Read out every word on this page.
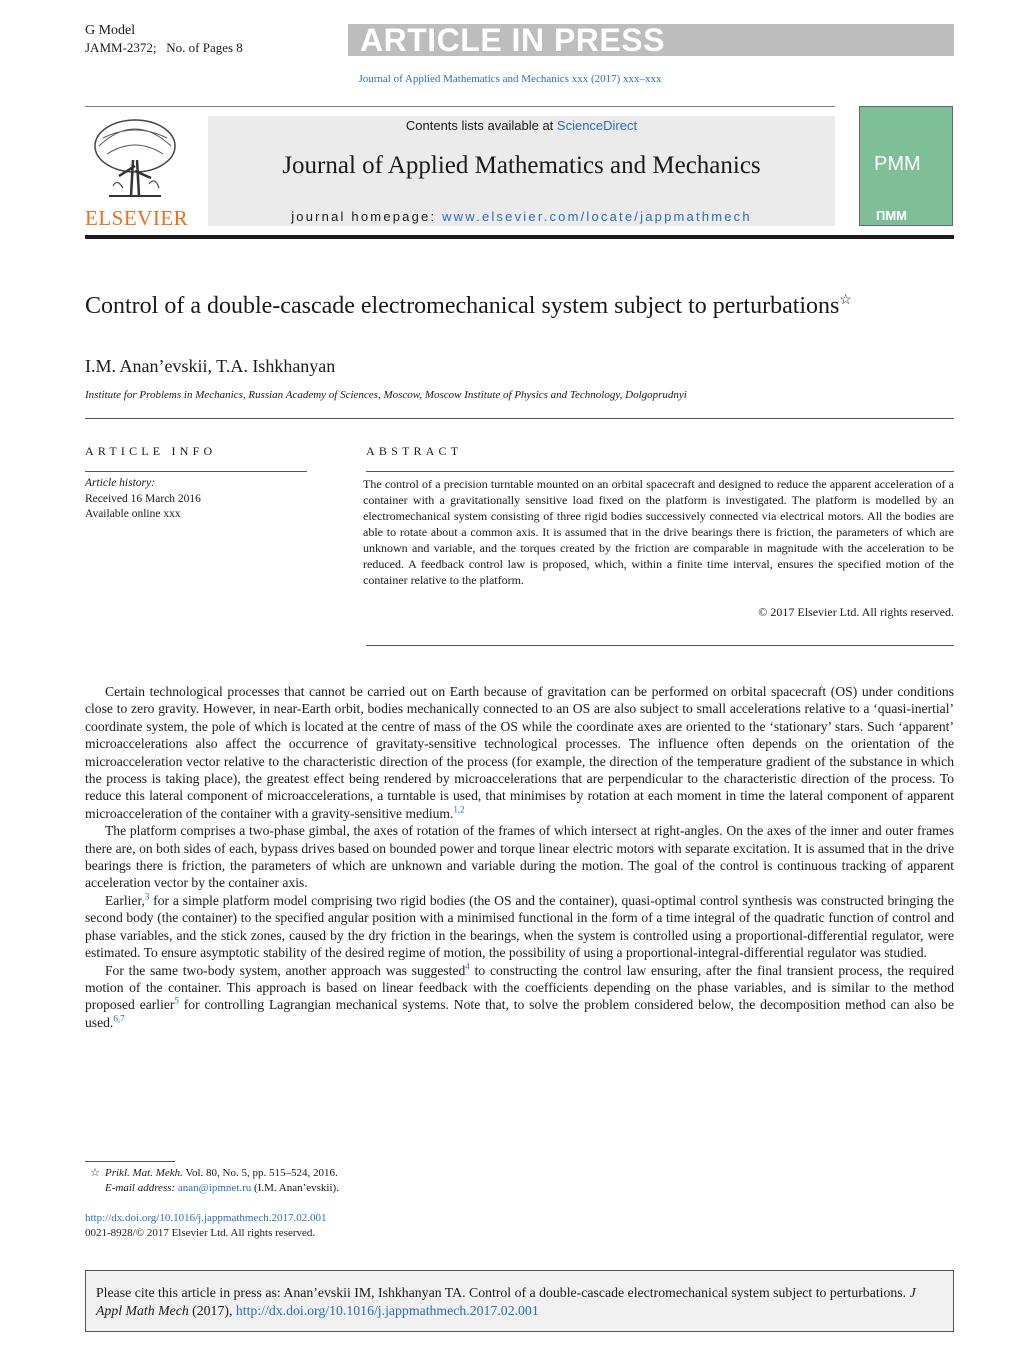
G Model
JAMM-2372; No. of Pages 8	ARTICLE IN PRESS
Journal of Applied Mathematics and Mechanics xxx (2017) xxx–xxx
ELSEVIER
Contents lists available at ScienceDirect
Journal of Applied Mathematics and Mechanics
journal homepage: www.elsevier.com/locate/jappmathmech
PMM
ПММ
Control of a double-cascade electromechanical system subject to perturbations☆
I.M. Anan’evskii, T.A. Ishkhanyan
Institute for Problems in Mechanics, Russian Academy of Sciences, Moscow, Moscow Institute of Physics and Technology, Dolgoprudnyi
ARTICLE INFO	ABSTRACT
Article history:
Received 16 March 2016
Available online xxx
The control of a precision turntable mounted on an orbital spacecraft and designed to reduce the apparent acceleration of a container with a gravitationally sensitive load fixed on the platform is investigated. The platform is modelled by an electromechanical system consisting of three rigid bodies successively connected via electrical motors. All the bodies are able to rotate about a common axis. It is assumed that in the drive bearings there is friction, the parameters of which are unknown and variable, and the torques created by the friction are comparable in magnitude with the acceleration to be reduced. A feedback control law is proposed, which, within a finite time interval, ensures the specified motion of the container relative to the platform.
© 2017 Elsevier Ltd. All rights reserved.

Certain technological processes that cannot be carried out on Earth because of gravitation can be performed on orbital spacecraft (OS) under conditions close to zero gravity. However, in near-Earth orbit, bodies mechanically connected to an OS are also subject to small accelerations relative to a ‘quasi-inertial’ coordinate system, the pole of which is located at the centre of mass of the OS while the coordinate axes are oriented to the ‘stationary’ stars. Such ‘apparent’ microaccelerations also affect the occurrence of gravitaty-sensitive technological processes. The influence often depends on the orientation of the microacceleration vector relative to the characteristic direction of the process (for example, the direction of the temperature gradient of the substance in which the process is taking place), the greatest effect being rendered by microaccelerations that are perpendicular to the characteristic direction of the process. To reduce this lateral component of microaccelerations, a turntable is used, that minimises by rotation at each moment in time the lateral component of apparent microacceleration of the container with a gravity-sensitive medium.$^{1,2}$

The platform comprises a two-phase gimbal, the axes of rotation of the frames of which intersect at right-angles. On the axes of the inner and outer frames there are, on both sides of each, bypass drives based on bounded power and torque linear electric motors with separate excitation. It is assumed that in the drive bearings there is friction, the parameters of which are unknown and variable during the motion. The goal of the control is continuous tracking of apparent acceleration vector by the container axis.

Earlier,$^3$ for a simple platform model comprising two rigid bodies (the OS and the container), quasi-optimal control synthesis was constructed bringing the second body (the container) to the specified angular position with a minimised functional in the form of a time integral of the quadratic function of control and phase variables, and the stick zones, caused by the dry friction in the bearings, when the system is controlled using a proportional-differential regulator, were estimated. To ensure asymptotic stability of the desired regime of motion, the possibility of using a proportional-integral-differential regulator was studied.

For the same two-body system, another approach was suggested$^4$ to constructing the control law ensuring, after the final transient process, the required motion of the container. This approach is based on linear feedback with the coefficients depending on the phase variables, and is similar to the method proposed earlier$^5$ for controlling Lagrangian mechanical systems. Note that, to solve the problem considered below, the decomposition method can also be used.$^{6,7}$

☆ Prikl. Mat. Mekh. Vol. 80, No. 5, pp. 515–524, 2016.
E-mail address: anan@ipmnet.ru (I.M. Anan’evskii).
http://dx.doi.org/10.1016/j.jappmathmech.2017.02.001
0021-8928/© 2017 Elsevier Ltd. All rights reserved.
Please cite this article in press as: Anan’evskii IM, Ishkhanyan TA. Control of a double-cascade electromechanical system subject to perturbations. J Appl Math Mech (2017), http://dx.doi.org/10.1016/j.jappmathmech.2017.02.001
